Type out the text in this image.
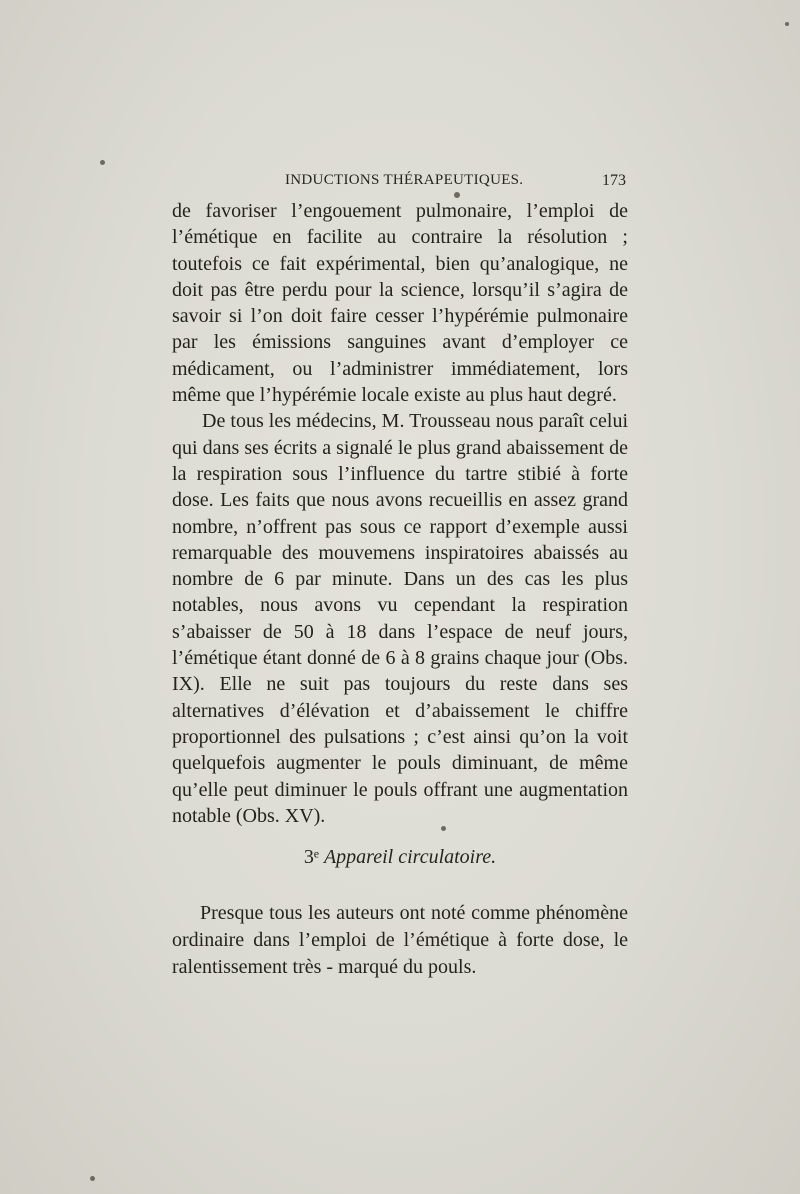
INDUCTIONS THÉRAPEUTIQUES.	173

de favoriser l’engouement pulmonaire, l’emploi de l’émétique en facilite au contraire la résolution ; toutefois ce fait expérimental, bien qu’analogique, ne doit pas être perdu pour la science, lorsqu’il s’agira de savoir si l’on doit faire cesser l’hypérémie pulmonaire par les émissions sanguines avant d’employer ce médicament, ou l’administrer immédiatement, lors même que l’hypérémie locale existe au plus haut degré.

De tous les médecins, M. Trousseau nous paraît celui qui dans ses écrits a signalé le plus grand abaissement de la respiration sous l’influence du tartre stibié à forte dose. Les faits que nous avons recueillis en assez grand nombre, n’offrent pas sous ce rapport d’exemple aussi remarquable des mouvemens inspiratoires abaissés au nombre de 6 par minute. Dans un des cas les plus notables, nous avons vu cependant la respiration s’abaisser de 50 à 18 dans l’espace de neuf jours, l’émétique étant donné de 6 à 8 grains chaque jour (Obs. IX). Elle ne suit pas toujours du reste dans ses alternatives d’élévation et d’abaissement le chiffre proportionnel des pulsations ; c’est ainsi qu’on la voit quelquefois augmenter le pouls diminuant, de même qu’elle peut diminuer le pouls offrant une augmentation notable (Obs. XV).

3ᵉ Appareil circulatoire.
Presque tous les auteurs ont noté comme phénomène ordinaire dans l’emploi de l’émétique à forte dose, le ralentissement très - marqué du pouls.
